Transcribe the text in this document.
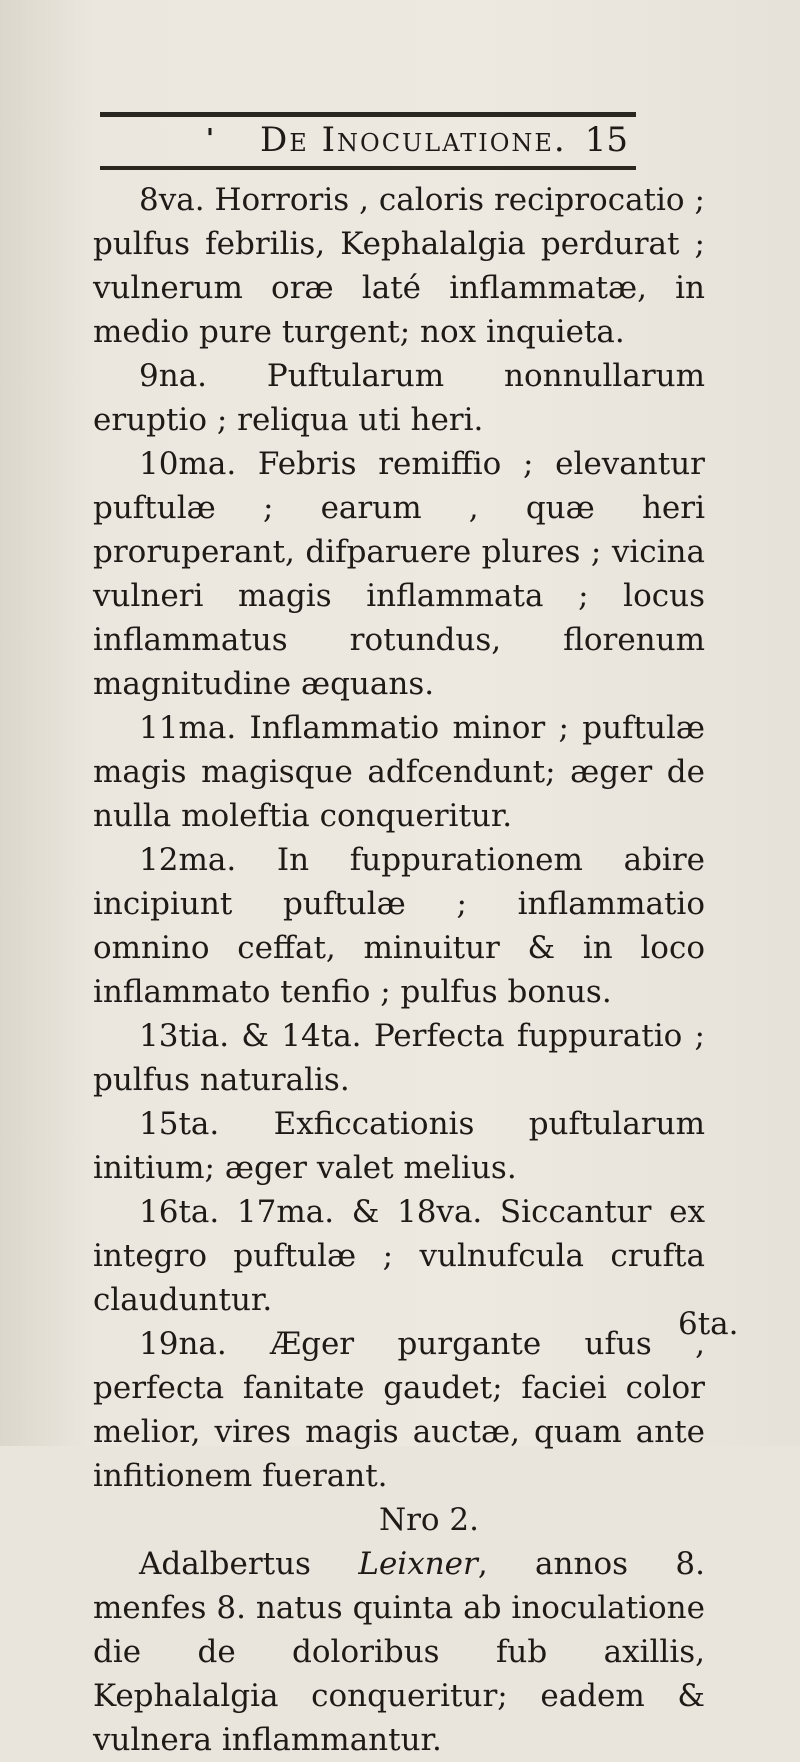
' De Inoculatione. 15

8va. Horroris , caloris reciprocatio ; pulfus febrilis, Kephalalgia perdurat ; vulnerum oræ laté inflammatæ, in medio pure turgent; nox inquieta.

9na. Puftularum nonnullarum eruptio ; reliqua uti heri.

10ma. Febris remiffio ; elevantur puftulæ ; earum , quæ heri proruperant, difparuere plures ; vicina vulneri magis inflammata ; locus inflammatus rotundus, florenum magnitudine æquans.

11ma. Inflammatio minor ; puftulæ magis magisque adfcendunt; æger de nulla moleftia conqueritur.

12ma. In fuppurationem abire incipiunt puftulæ ; inflammatio omnino ceffat, minuitur & in loco inflammato tenfio ; pulfus bonus.

13tia. & 14ta. Perfecta fuppuratio ; pulfus naturalis.

15ta. Exficcationis puftularum initium; æger valet melius.

16ta. 17ma. & 18va. Siccantur ex integro puftulæ ; vulnufcula crufta clauduntur.

19na. Æger purgante ufus , perfecta fanitate gaudet; faciei color melior, vires magis auctæ, quam ante infitionem fuerant.

Nro 2.

Adalbertus Leixner, annos 8. menfes 8. natus quinta ab inoculatione die de doloribus fub axillis, Kephalalgia conqueritur; eadem & vulnera inflammantur.

6ta.
